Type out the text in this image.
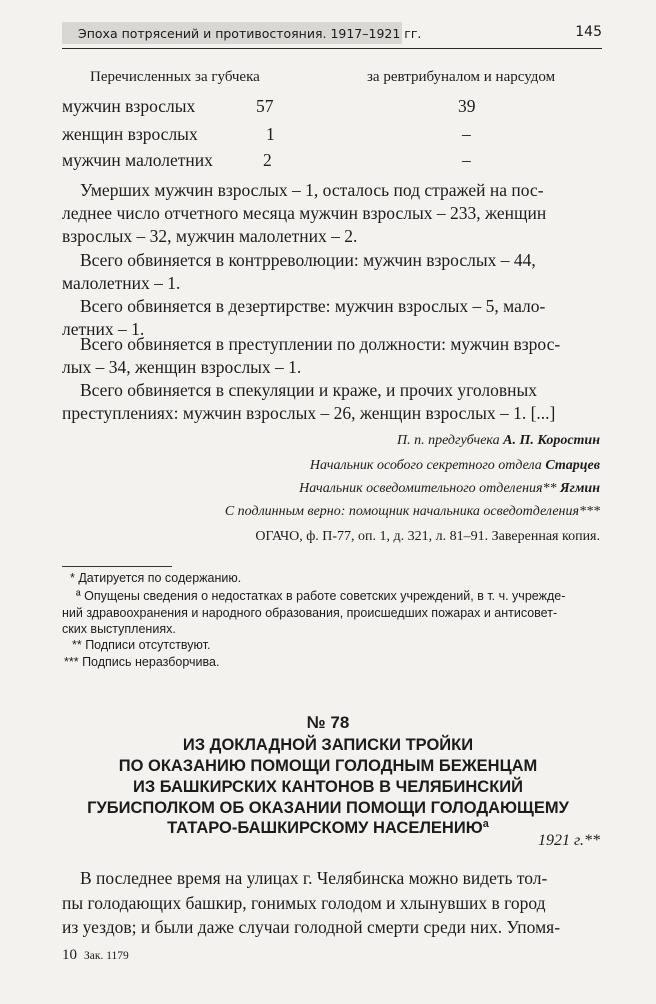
Эпоха потрясений и противостояния. 1917–1921 гг.	145
Перечисленных за губчека	за ревтрибуналом и нарсудом
мужчин взрослых	57	39
женщин взрослых	1	–
мужчин малолетних	2	–
Умерших мужчин взрослых – 1, осталось под стражей на пос-
леднее число отчетного месяца мужчин взрослых – 233, женщин
взрослых – 32, мужчин малолетних – 2.
Всего обвиняется в контрреволюции: мужчин взрослых – 44,
малолетних – 1.
Всего обвиняется в дезертирстве: мужчин взрослых – 5, мало-
летних – 1.
Всего обвиняется в преступлении по должности: мужчин взрос-
лых – 34, женщин взрослых – 1.
Всего обвиняется в спекуляции и краже, и прочих уголовных
преступлениях: мужчин взрослых – 26, женщин взрослых – 1. [...]
П. п. предгубчека А. П. Коростин
Начальник особого секретного отдела Старцев
Начальник осведомительного отделения** Ягмин
С подлинным верно: помощник начальника осведотделения***
ОГАЧО, ф. П-77, оп. 1, д. 321, л. 81–91. Заверенная копия.
* Датируется по содержанию.
ª Опущены сведения о недостатках в работе советских учреждений, в т. ч. учрежде-
ний здравоохранения и народного образования, происшедших пожарах и антисовет-
ских выступлениях.
** Подписи отсутствуют.
*** Подпись неразборчива.
№ 78
ИЗ ДОКЛАДНОЙ ЗАПИСКИ ТРОЙКИ
ПО ОКАЗАНИЮ ПОМОЩИ ГОЛОДНЫМ БЕЖЕНЦАМ
ИЗ БАШКИРСКИХ КАНТОНОВ В ЧЕЛЯБИНСКИЙ
ГУБИСПОЛКОМ ОБ ОКАЗАНИИ ПОМОЩИ ГОЛОДАЮЩЕМУ
ТАТАРО-БАШКИРСКОМУ НАСЕЛЕНИЮª
1921 г.**
В последнее время на улицах г. Челябинска можно видеть тол-
пы голодающих башкир, гонимых голодом и хлынувших в город
из уездов; и были даже случаи голодной смерти среди них. Упомя-
10 Зак. 1179
